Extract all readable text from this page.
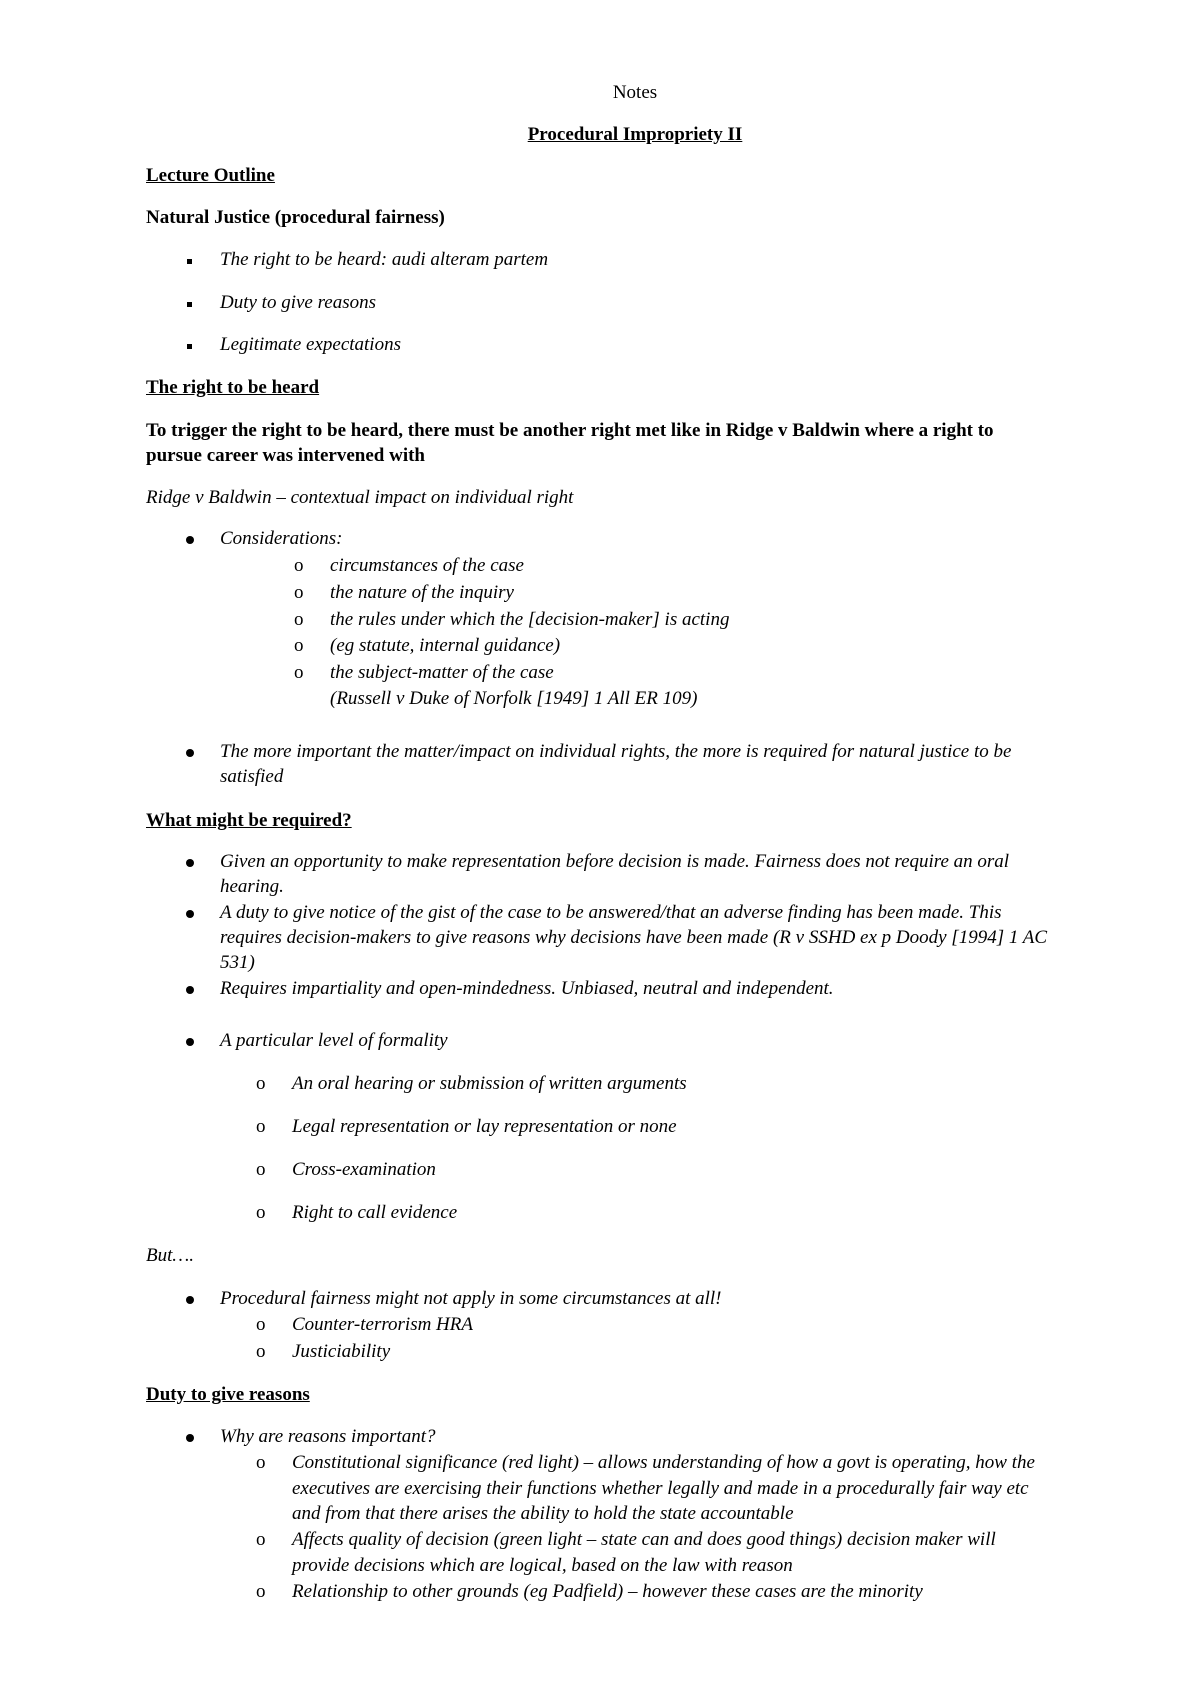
Notes
Procedural Impropriety II
Lecture Outline
Natural Justice (procedural fairness)
The right to be heard: audi alteram partem
Duty to give reasons
Legitimate expectations
The right to be heard
To trigger the right to be heard, there must be another right met like in Ridge v Baldwin where a right to
pursue career was intervened with
Ridge v Baldwin – contextual impact on individual right
Considerations:
o circumstances of the case
o the nature of the inquiry
o the rules under which the [decision-maker] is acting
o (eg statute, internal guidance)
o the subject-matter of the case
(Russell v Duke of Norfolk [1949] 1 All ER 109)
The more important the matter/impact on individual rights, the more is required for natural justice to be
satisfied
What might be required?
Given an opportunity to make representation before decision is made. Fairness does not require an oral
hearing.
A duty to give notice of the gist of the case to be answered/that an adverse finding has been made. This
requires decision-makers to give reasons why decisions have been made (R v SSHD ex p Doody [1994] 1 AC
531)
Requires impartiality and open-mindedness. Unbiased, neutral and independent.
A particular level of formality
o An oral hearing or submission of written arguments
o Legal representation or lay representation or none
o Cross-examination
o Right to call evidence
But….
Procedural fairness might not apply in some circumstances at all!
o Counter-terrorism HRA
o Justiciability
Duty to give reasons
Why are reasons important?
o Constitutional significance (red light) – allows understanding of how a govt is operating, how the
executives are exercising their functions whether legally and made in a procedurally fair way etc
and from that there arises the ability to hold the state accountable
o Affects quality of decision (green light – state can and does good things) decision maker will
provide decisions which are logical, based on the law with reason
o Relationship to other grounds (eg Padfield) – however these cases are the minority
